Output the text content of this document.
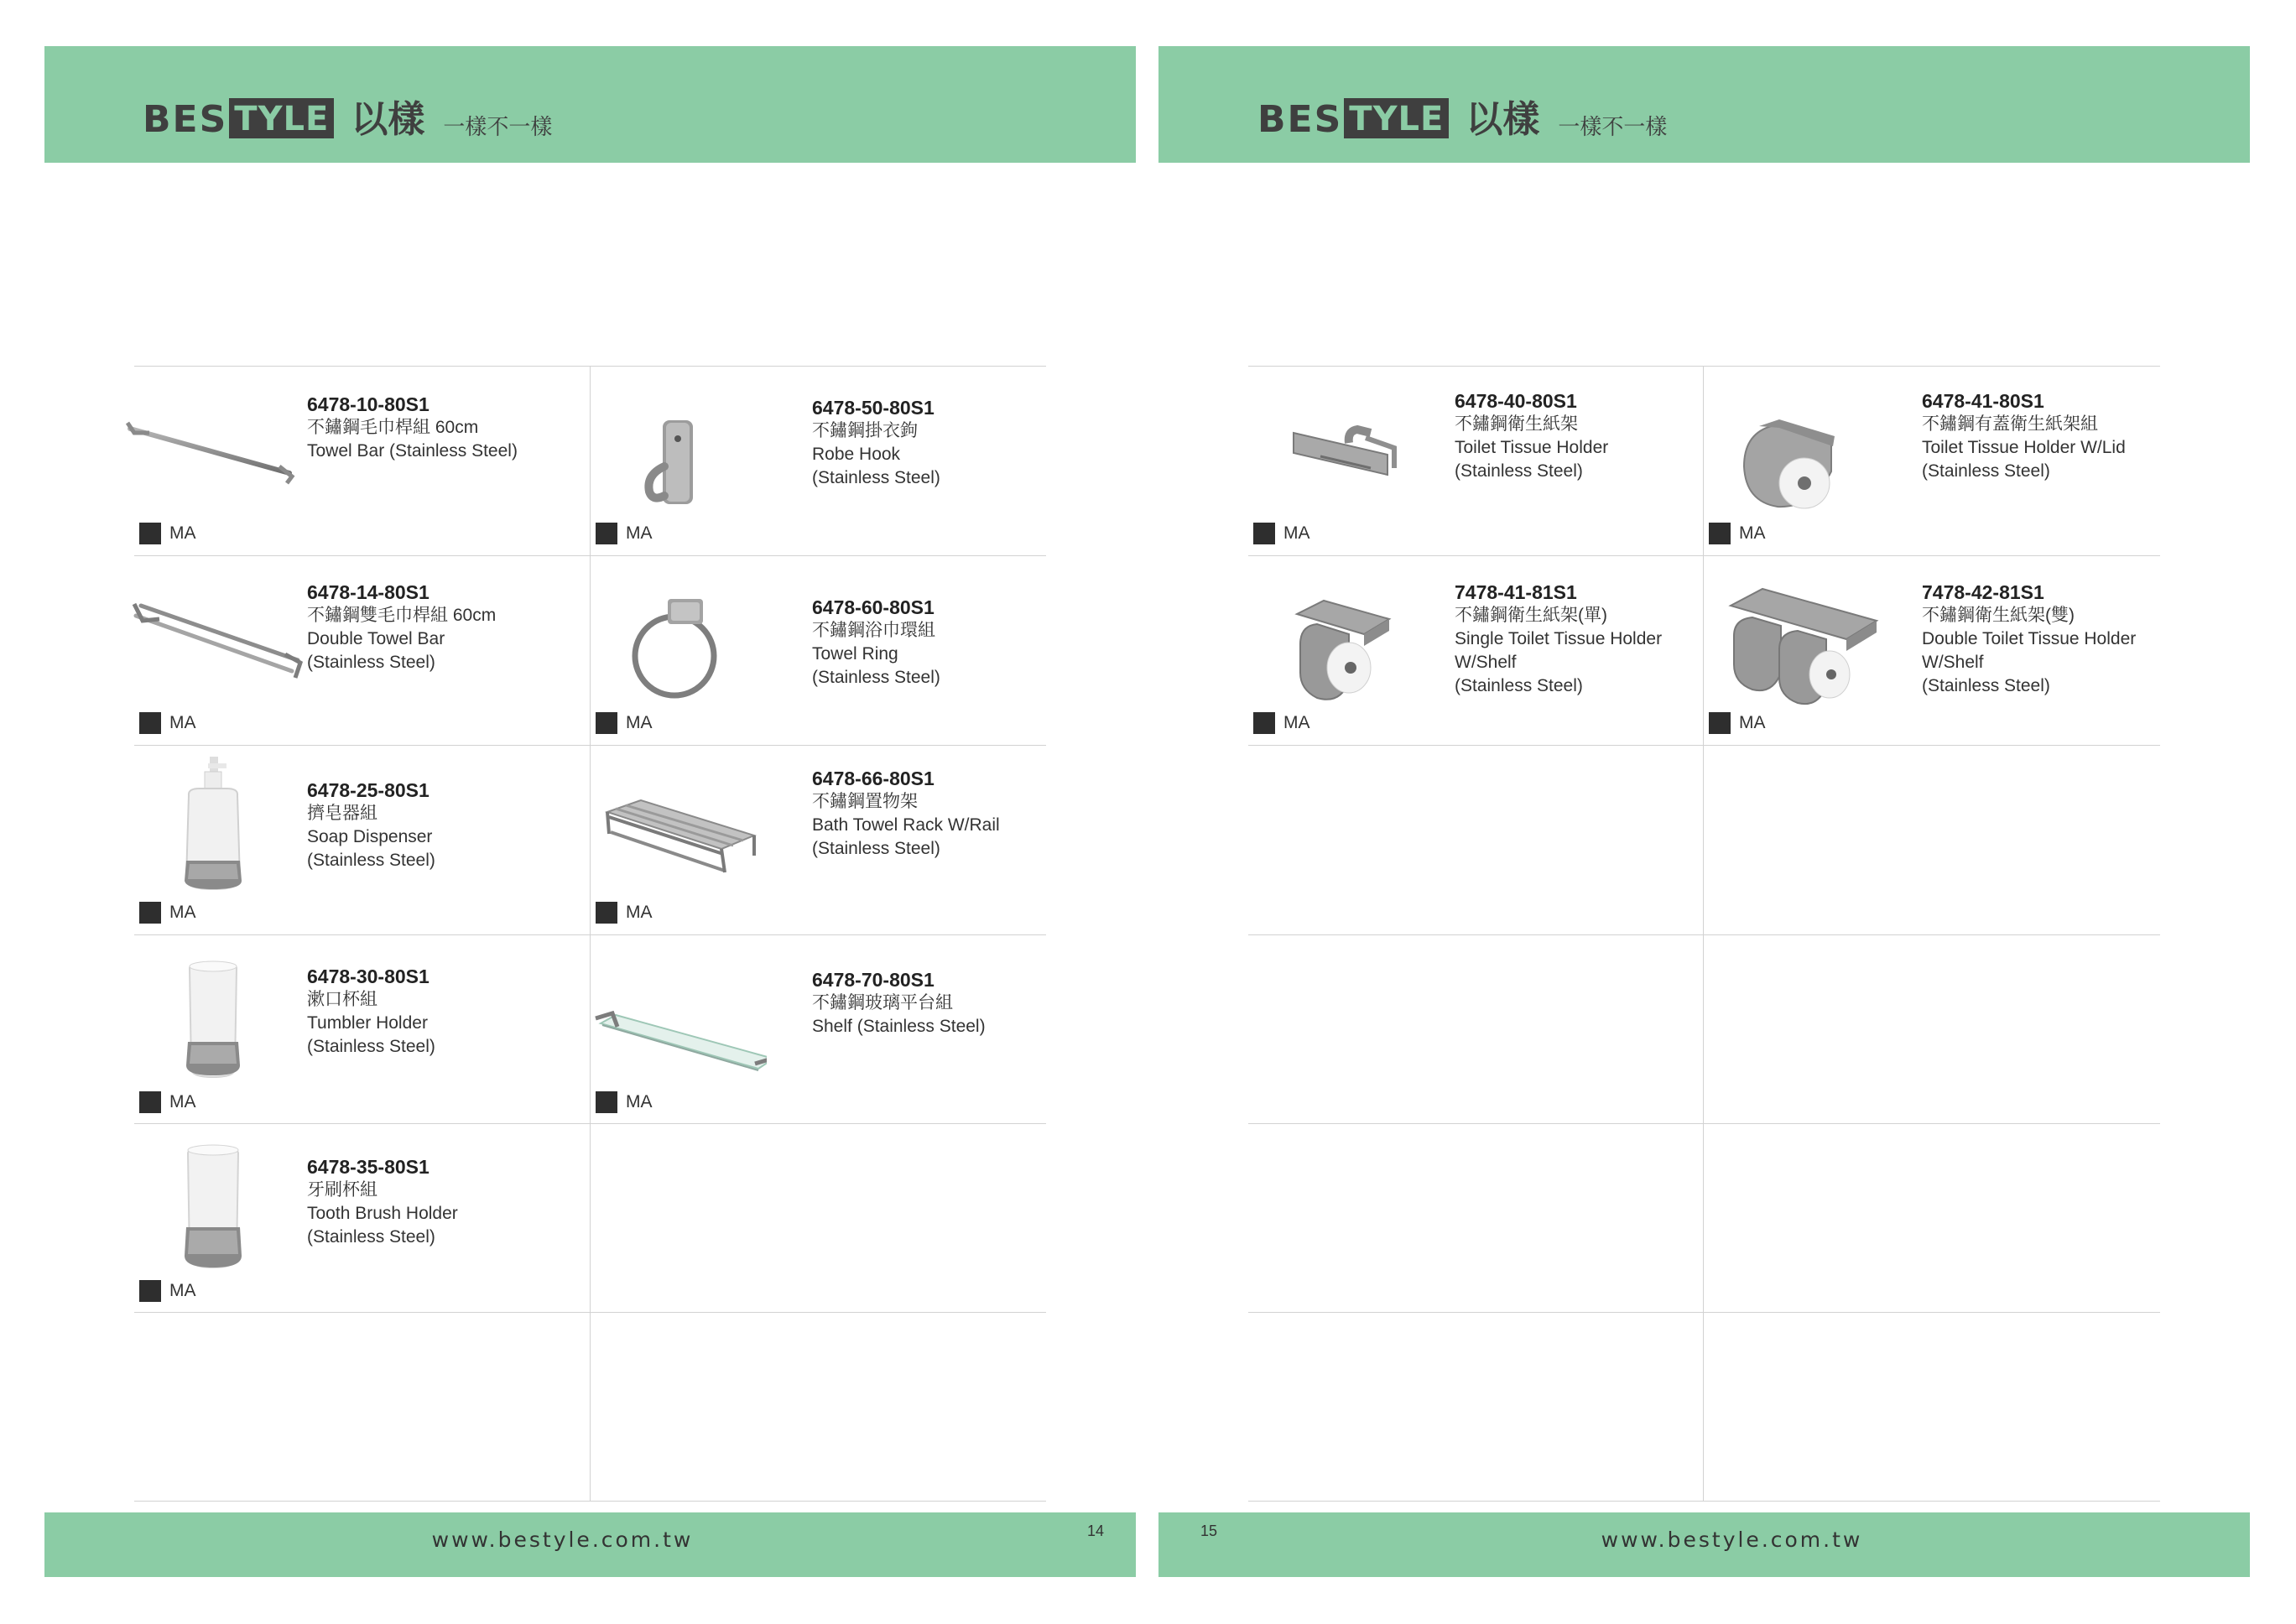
BES TYLE 以樣 一樣不一樣
6478-10-80S1
不鏽鋼毛巾桿組 60cm
Towel Bar (Stainless Steel)
MA
6478-50-80S1
不鏽鋼掛衣鉤
Robe Hook
(Stainless Steel)
MA
6478-14-80S1
不鏽鋼雙毛巾桿組 60cm
Double Towel Bar
(Stainless Steel)
MA
6478-60-80S1
不鏽鋼浴巾環組
Towel Ring
(Stainless Steel)
MA
6478-25-80S1
擠皂器組
Soap Dispenser
(Stainless Steel)
MA
6478-66-80S1
不鏽鋼置物架
Bath Towel Rack W/Rail
(Stainless Steel)
MA
6478-30-80S1
漱口杯組
Tumbler Holder
(Stainless Steel)
MA
6478-70-80S1
不鏽鋼玻璃平台組
Shelf (Stainless Steel)
MA
6478-35-80S1
牙刷杯組
Tooth Brush Holder
(Stainless Steel)
MA
www.bestyle.com.tw	14
BES TYLE 以樣 一樣不一樣
6478-40-80S1
不鏽鋼衛生紙架
Toilet Tissue Holder
(Stainless Steel)
MA
6478-41-80S1
不鏽鋼有蓋衛生紙架組
Toilet Tissue Holder W/Lid
(Stainless Steel)
MA
7478-41-81S1
不鏽鋼衛生紙架(單)
Single Toilet Tissue Holder
W/Shelf
(Stainless Steel)
MA
7478-42-81S1
不鏽鋼衛生紙架(雙)
Double Toilet Tissue Holder
W/Shelf
(Stainless Steel)
MA
15	www.bestyle.com.tw
